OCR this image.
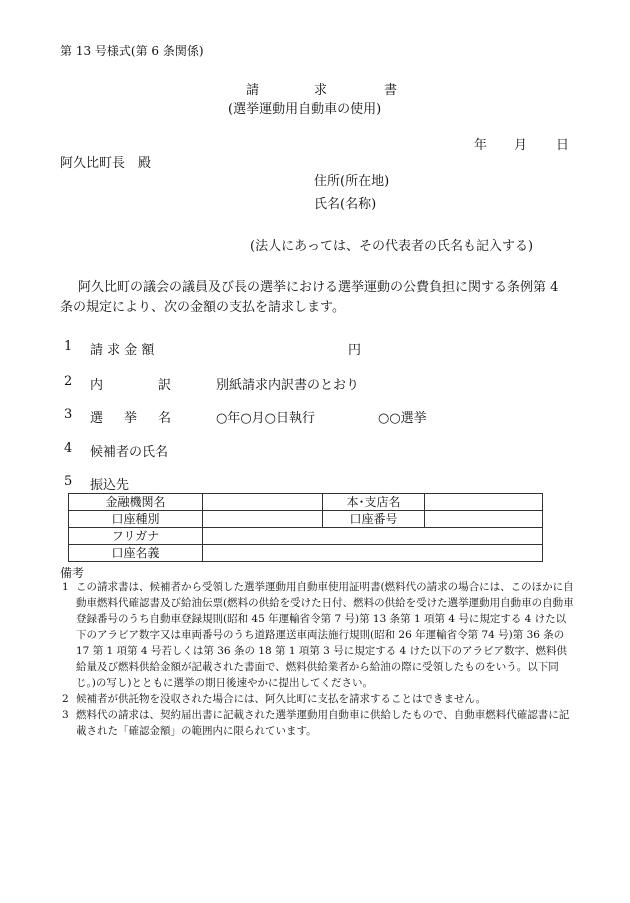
第 13 号様式(第 6 条関係)
請	求	書
(選挙運動用自動車の使用)
年 月 日
阿久比町長　殿
住所(所在地)
氏名(名称)
(法人にあっては、その代表者の氏名も記入する)
阿久比町の議会の議員及び長の選挙における選挙運動の公費負担に関する条例第 4
条の規定により、次の金額の支払を請求します。
1 請 求 金 額	円
2 内	訳	別紙請求内訳書のとおり
3 選 挙 名	○年○月○日執行	○○選挙
4 候補者の氏名
5 振込先
金融機関名		本･支店名	
口座種別		口座番号	
フリガナ			
口座名義			
備考

1 この請求書は、候補者から受領した選挙運動用自動車使用証明書(燃料代の請求の場合には、このほかに自動車燃料代確認書及び給油伝票(燃料の供給を受けた日付、燃料の供給を受けた選挙運動用自動車の自動車登録番号のうち自動車登録規則(昭和 45 年運輸省令第 7 号)第 13 条第 1 項第 4 号に規定する 4 けた以下のアラビア数字又は車両番号のうち道路運送車両法施行規則(昭和 26 年運輸省令第 74 号)第 36 条の 17 第 1 項第 4 号若しくは第 36 条の 18 第 1 項第 3 号に規定する 4 けた以下のアラビア数字、燃料供給量及び燃料供給金額が記載された書面で、燃料供給業者から給油の際に受領したものをいう。以下同じ。)の写し)とともに選挙の期日後速やかに提出してください。

2 候補者が供託物を没収された場合には、阿久比町に支払を請求することはできません。

3 燃料代の請求は、契約届出書に記載された選挙運動用自動車に供給したもので、自動車燃料代確認書に記載された「確認金額」の範囲内に限られています。
